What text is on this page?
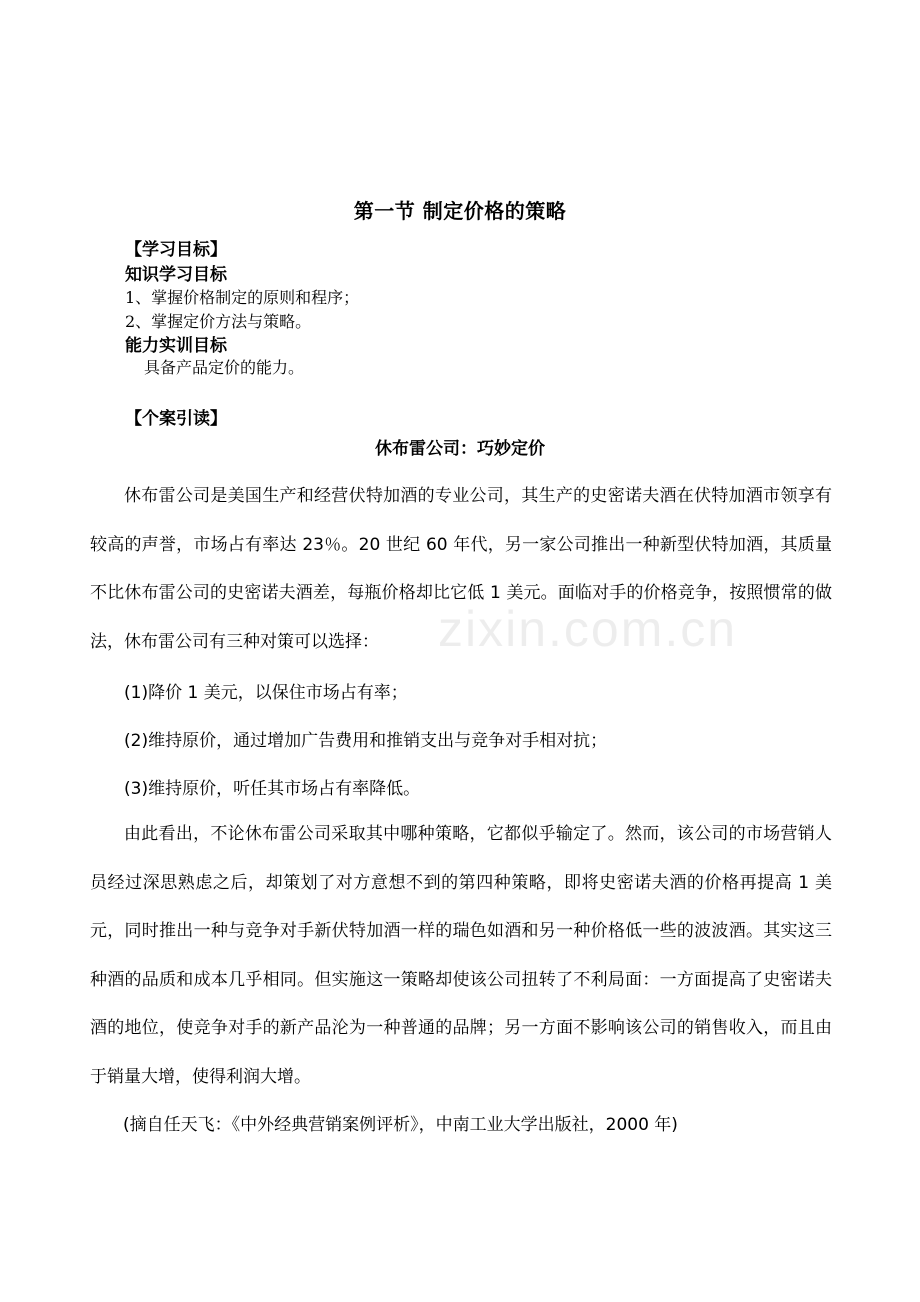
zixin.com.cn
第一节 制定价格的策略
【学习目标】
知识学习目标
1、掌握价格制定的原则和程序；
2、掌握定价方法与策略。
能力实训目标
具备产品定价的能力。
【个案引读】
休布雷公司：巧妙定价

休布雷公司是美国生产和经营伏特加酒的专业公司，其生产的史密诺夫酒在伏特加酒市领享有较高的声誉，市场占有率达 23％。20 世纪 60 年代，另一家公司推出一种新型伏特加酒，其质量不比休布雷公司的史密诺夫酒差，每瓶价格却比它低 1 美元。面临对手的价格竞争，按照惯常的做法，休布雷公司有三种对策可以选择：

(1)降价 1 美元，以保住市场占有率；
(2)维持原价，通过增加广告费用和推销支出与竞争对手相对抗；
(3)维持原价，听任其市场占有率降低。

由此看出，不论休布雷公司采取其中哪种策略，它都似乎输定了。然而，该公司的市场营销人员经过深思熟虑之后，却策划了对方意想不到的第四种策略，即将史密诺夫酒的价格再提高 1 美元，同时推出一种与竞争对手新伏特加酒一样的瑞色如酒和另一种价格低一些的波波酒。其实这三种酒的品质和成本几乎相同。但实施这一策略却使该公司扭转了不利局面：一方面提高了史密诺夫酒的地位，使竞争对手的新产品沦为一种普通的品牌；另一方面不影响该公司的销售收入，而且由于销量大增，使得利润大增。

(摘自任天飞：《中外经典营销案例评析》，中南工业大学出版社，2000 年)
